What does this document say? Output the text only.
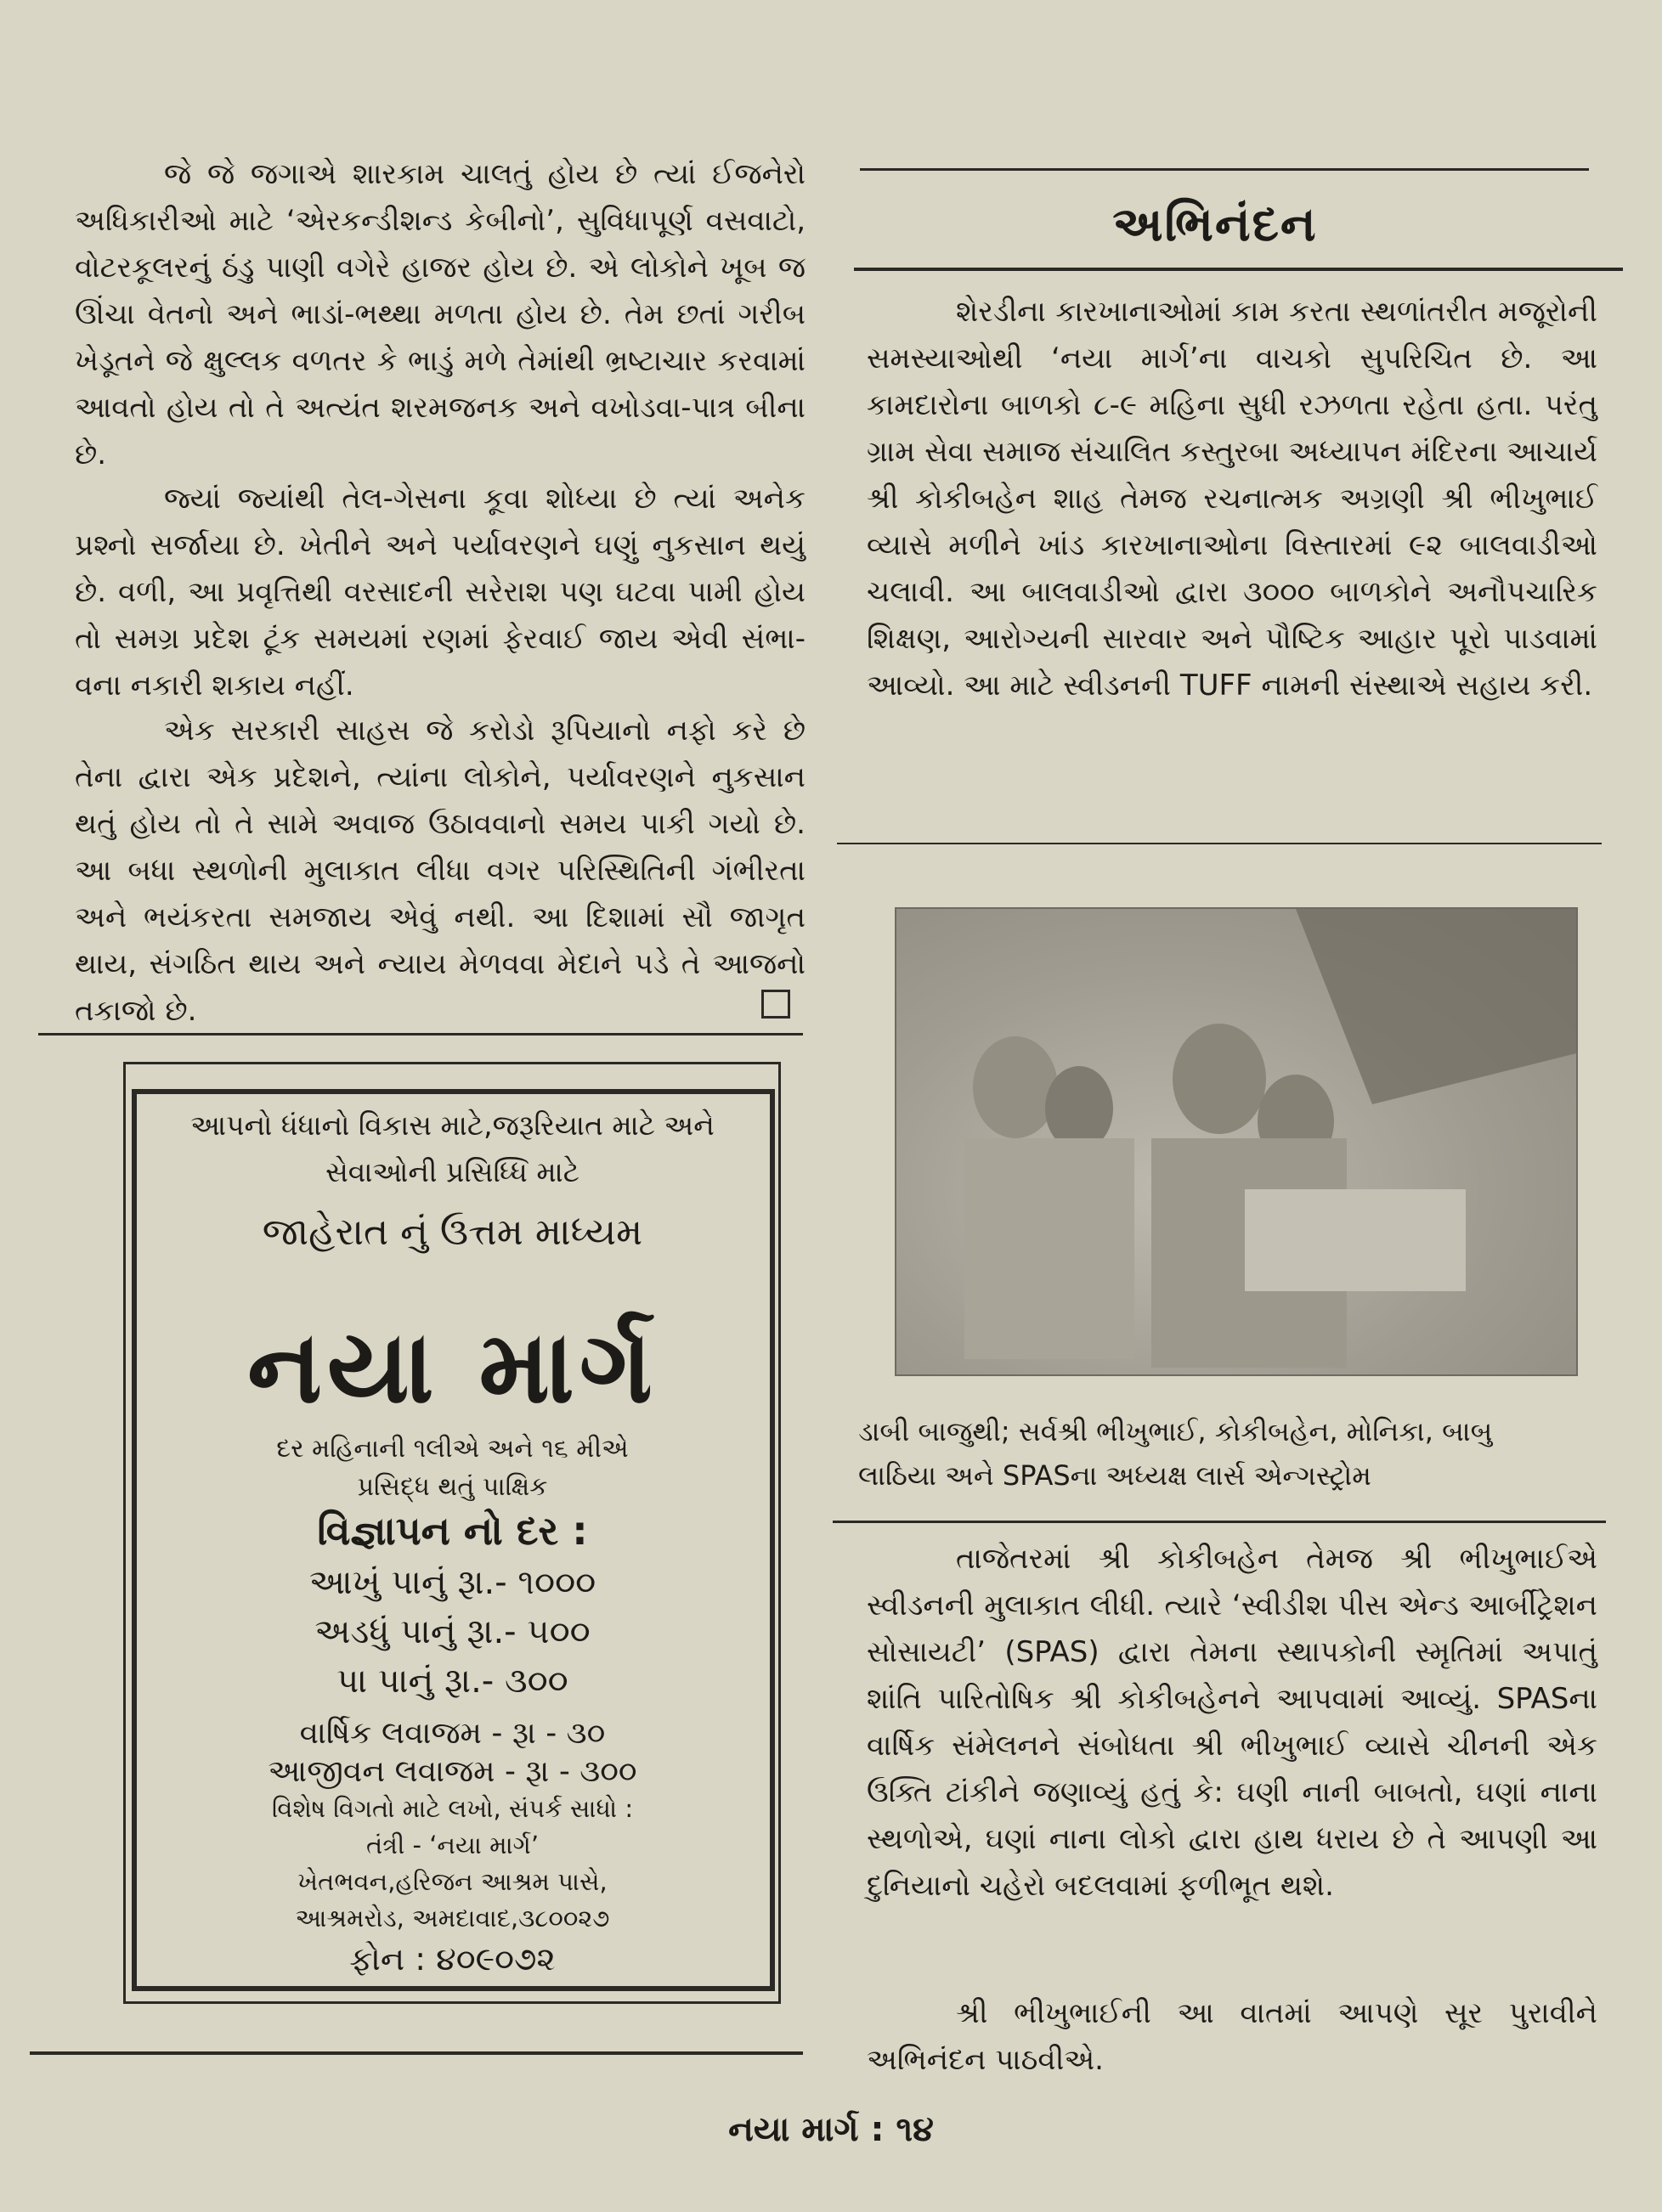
જે જે જગાએ શારકામ ચાલતું હોય છે ત્યાં ઈજનેરો અધિકારીઓ માટે ‘એરકન્ડીશન્ડ કેબીનો’, સુવિધાપૂર્ણ વસવાટો, વોટરકૂલરનું ઠંડુ પાણી વગેરે હાજર હોય છે. એ લોકોને ખૂબ જ ઊંચા વેતનો અને ભાડાં-ભથ્થા મળતા હોય છે. તેમ છતાં ગરીબ ખેડૂતને જે ક્ષુલ્લક વળતર કે ભાડું મળે તેમાંથી ભ્રષ્ટાચાર કરવામાં આવતો હોય તો તે અત્યંત શરમજનક અને વખોડવા-પાત્ર બીના છે.

જ્યાં જ્યાંથી તેલ-ગેસના કૂવા શોધ્યા છે ત્યાં અનેક પ્રશ્નો સર્જાયા છે. ખેતીને અને પર્યાવરણને ઘણું નુકસાન થયું છે. વળી, આ પ્રવૃત્તિથી વરસાદની સરેરાશ પણ ઘટવા પામી હોય તો સમગ્ર પ્રદેશ ટૂંક સમયમાં રણમાં ફેરવાઈ જાય એવી સંભા-વના નકારી શકાય નહીં.

એક સરકારી સાહસ જે કરોડો રૂપિયાનો નફો કરે છે તેના દ્વારા એક પ્રદેશને, ત્યાંના લોકોને, પર્યાવરણને નુકસાન થતું હોય તો તે સામે અવાજ ઉઠાવવાનો સમય પાકી ગયો છે. આ બધા સ્થળોની મુલાકાત લીધા વગર પરિસ્થિતિની ગંભીરતા અને ભયંકરતા સમજાય એવું નથી. આ દિશામાં સૌ જાગૃત થાય, સંગઠિત થાય અને ન્યાય મેળવવા મેદાને પડે તે આજનો તકાજો છે.

આપનો ધંધાનો વિકાસ માટે,જરૂરિયાત માટે અને

સેવાઓની પ્રસિધ્ધિ માટે

જાહેરાત નું ઉત્તમ માધ્યમ

નયા માર્ગ

દર મહિનાની ૧લીએ અને ૧૬ મીએ

પ્રસિદ્ધ થતું પાક્ષિક

વિજ્ઞાપન નો દર :

આખું પાનું રૂા.- ૧૦૦૦

અડધું પાનું રૂા.- ૫૦૦

પા પાનું રૂા.- ૩૦૦

વાર્ષિક લવાજમ - રૂા - ૩૦

આજીવન લવાજમ - રૂા - ૩૦૦

વિશેષ વિગતો માટે લખો, સંપર્ક સાધો :

તંત્રી - ‘નયા માર્ગ’

ખેતભવન,હરિજન આશ્રમ પાસે,

આશ્રમરોડ, અમદાવાદ,૩૮૦૦૨૭

ફોન : ૪૦૯૦૭૨

અભિનંદન

શેરડીના કારખાનાઓમાં કામ કરતા સ્થળાંતરીત મજૂરોની સમસ્યાઓથી ‘નયા માર્ગ’ના વાચકો સુપરિચિત છે. આ કામદારોના બાળકો ૮-૯ મહિના સુધી રઝળતા રહેતા હતા. પરંતુ ગ્રામ સેવા સમાજ સંચાલિત કસ્તુરબા અધ્યાપન મંદિરના આચાર્ય શ્રી કોકીબહેન શાહ તેમજ રચનાત્મક અગ્રણી શ્રી ભીખુભાઈ વ્યાસે મળીને ખાંડ કારખાનાઓના વિસ્તારમાં ૯૨ બાલવાડીઓ ચલાવી. આ બાલવાડીઓ દ્વારા ૩૦૦૦ બાળકોને અનૌપચારિક શિક્ષણ, આરોગ્યની સારવાર અને પૌષ્ટિક આહાર પૂરો પાડવામાં આવ્યો. આ માટે સ્વીડનની TUFF નામની સંસ્થાએ સહાય કરી.

ડાબી બાજુથી; સર્વશ્રી ભીખુભાઈ, કોકીબહેન, મોનિકા, બાબુ

લાઠિયા અને SPASના અધ્યક્ષ લાર્સ એન્ગસ્ટ્રોમ

તાજેતરમાં શ્રી કોકીબહેન તેમજ શ્રી ભીખુભાઈએ સ્વીડનની મુલાકાત લીધી. ત્યારે ‘સ્વીડીશ પીસ એન્ડ આર્બીટ્રેશન સોસાયટી’ (SPAS) દ્વારા તેમના સ્થાપકોની સ્મૃતિમાં અપાતું શાંતિ પારિતોષિક શ્રી કોકીબહેનને આપવામાં આવ્યું. SPASના વાર્ષિક સંમેલનને સંબોધતા શ્રી ભીખુભાઈ વ્યાસે ચીનની એક ઉક્તિ ટાંકીને જણાવ્યું હતું કે: ઘણી નાની બાબતો, ઘણાં નાના સ્થળોએ, ઘણાં નાના લોકો દ્વારા હાથ ધરાય છે તે આપણી આ દુનિયાનો ચહેરો બદલવામાં ફળીભૂત થશે.

શ્રી ભીખુભાઈની આ વાતમાં આપણે સૂર પુરાવીને અભિનંદન પાઠવીએ.

નયા માર્ગ : ૧૪
